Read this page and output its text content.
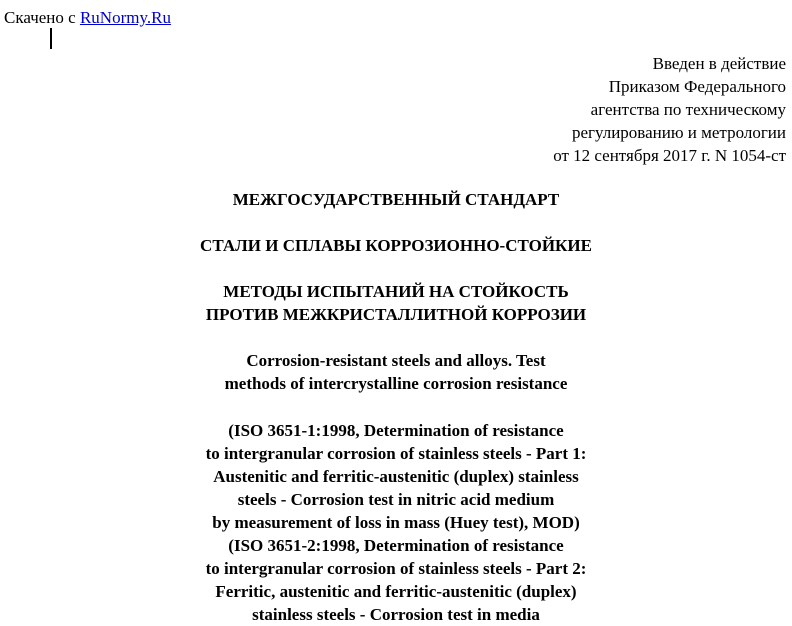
Скачено с RuNormy.Ru
Введен в действие
Приказом Федерального
агентства по техническому
регулированию и метрологии
от 12 сентября 2017 г. N 1054-ст
МЕЖГОСУДАРСТВЕННЫЙ СТАНДАРТ
СТАЛИ И СПЛАВЫ КОРРОЗИОННО-СТОЙКИЕ
МЕТОДЫ ИСПЫТАНИЙ НА СТОЙКОСТЬ
ПРОТИВ МЕЖКРИСТАЛЛИТНОЙ КОРРОЗИИ
Corrosion-resistant steels and alloys. Test
methods of intercrystalline corrosion resistance
(ISO 3651-1:1998, Determination of resistance
to intergranular corrosion of stainless steels - Part 1:
Austenitic and ferritic-austenitic (duplex) stainless
steels - Corrosion test in nitric acid medium
by measurement of loss in mass (Huey test), MOD)
(ISO 3651-2:1998, Determination of resistance
to intergranular corrosion of stainless steels - Part 2:
Ferritic, austenitic and ferritic-austenitic (duplex)
stainless steels - Corrosion test in media
